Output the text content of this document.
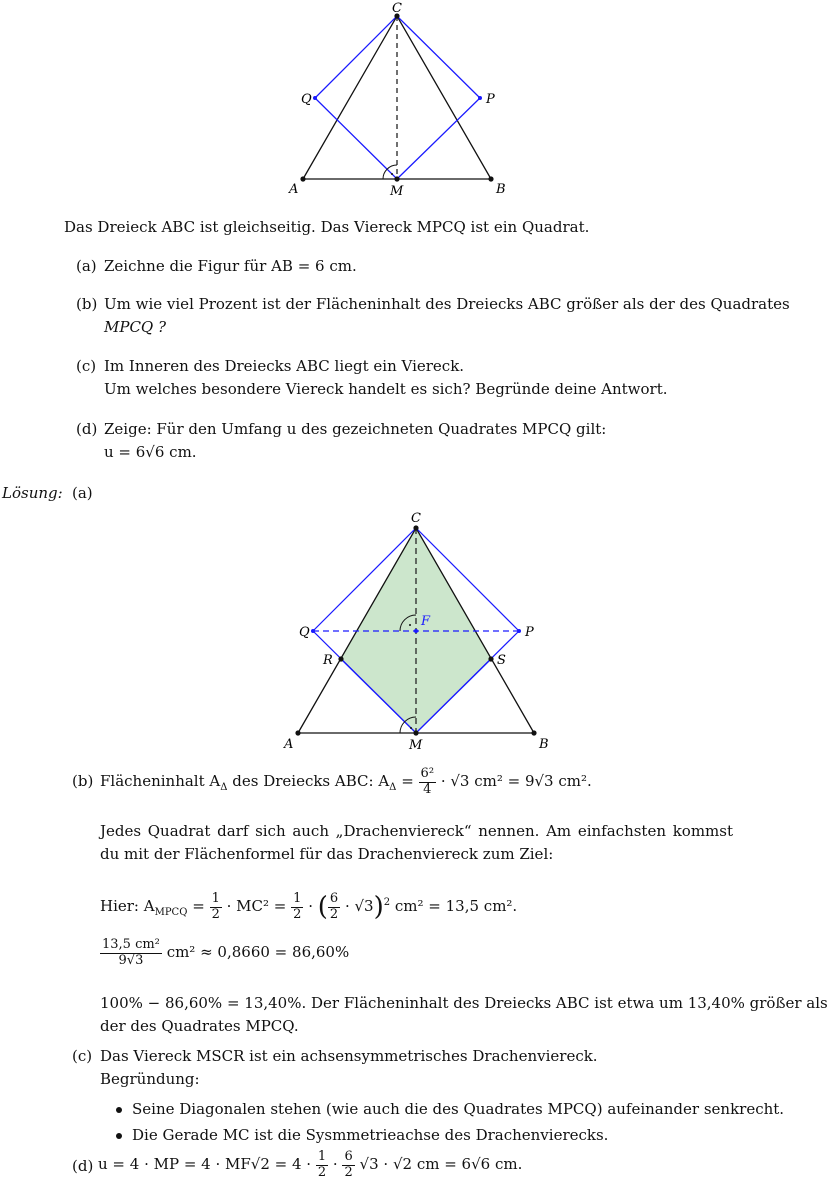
A	B
C
M
P
Q
Das Dreieck ABC ist gleichseitig. Das Viereck MPCQ ist ein Quadrat.
(a) Zeichne die Figur für AB = 6 cm.
(b) Um wie viel Prozent ist der Flächeninhalt des Dreiecks ABC größer als der des Quadrates
MPCQ ?
(c) Im Inneren des Dreiecks ABC liegt ein Viereck.
Um welches besondere Viereck handelt es sich? Begründe deine Antwort.
(d) Zeige: Für den Umfang u des gezeichneten Quadrates MPCQ gilt:
u = 6√6 cm.
Lösung: (a)
A	B
C
M
P
Q
R	S
F
(b) Flächeninhalt $A_\Delta$ des Dreiecks ABC: $A_\Delta = \frac{\text{6²}}{4} \cdot √3$ cm² = 9√3 cm².
Jedes Quadrat darf sich auch „Drachenviereck“ nennen. Am einfachsten kommst du mit der Flächenformel für das Drachenviereck zum Ziel:
Hier: $A_{MPCQ} = \frac{1}{2} \cdot MC^2 = \frac{1}{2}$ · ( $\frac{6}{2} \cdot √3)^2$ cm² = 13,5 cm².
$\frac{\text{13,5 cm²}}{9√3} cm^2 \approx 0,8660 = 86,60\%$
100% − 86,60% = 13,40%. Der Flächeninhalt des Dreiecks ABC ist etwa um 13,40% größer als
der des Quadrates MPCQ.
(c) Das Viereck MSCR ist ein achsensymmetrisches Drachenviereck.
Begründung:
Seine Diagonalen stehen (wie auch die des Quadrates MPCQ) aufeinander senkrecht.
Die Gerade MC ist die Sysmmetrieachse des Drachenvierecks.
(d) u = 4 · MP = $4 \cdot MF√2 = 4 \cdot \frac{1}{2} \cdot \frac{6}{2} √3 \cdot √2$ cm = 6√6 cm.
